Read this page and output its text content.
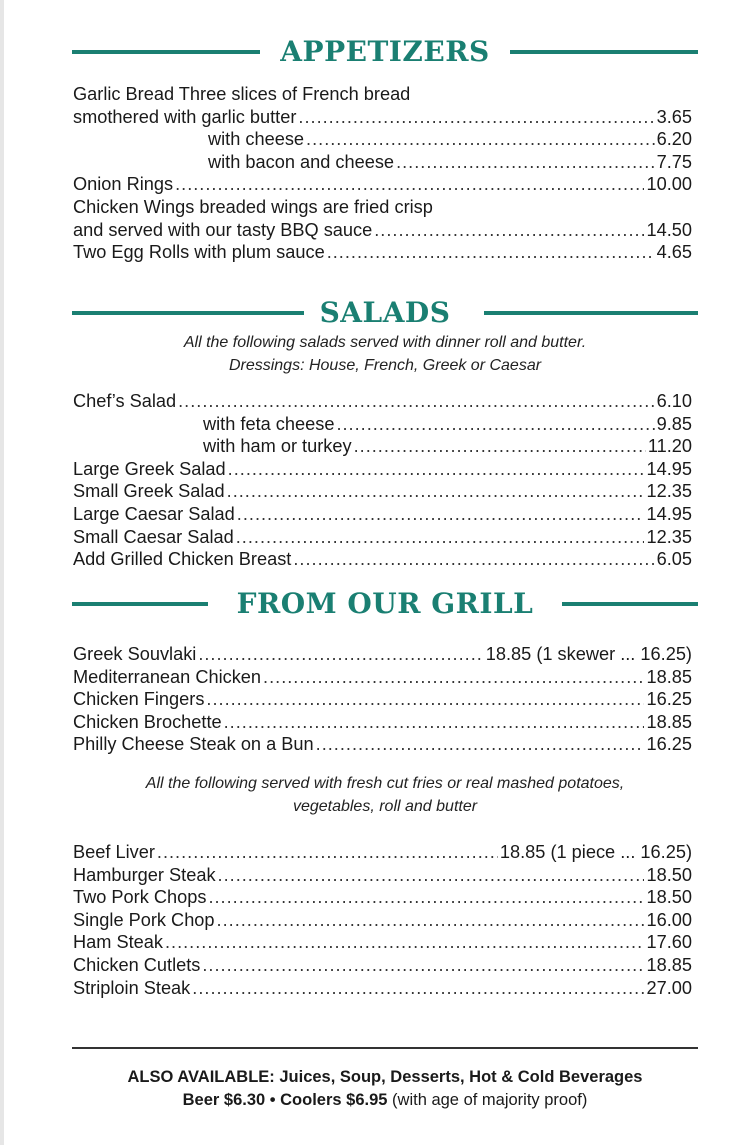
APPETIZERS
Garlic Bread Three slices of French bread
smothered with garlic butter .....	3.65
with cheese .....	6.20
with bacon and cheese .....	7.75
Onion Rings .....	10.00
Chicken Wings breaded wings are fried crisp
and served with our tasty BBQ sauce .....	14.50
Two Egg Rolls with plum sauce .....	4.65
SALADS
All the following salads served with dinner roll and butter.
Dressings: House, French, Greek or Caesar
Chef’s Salad .....	6.10
with feta cheese .....	9.85
with ham or turkey .....	11.20
Large Greek Salad .....	14.95
Small Greek Salad .....	12.35
Large Caesar Salad .....	14.95
Small Caesar Salad .....	12.35
Add Grilled Chicken Breast .....	6.05
FROM OUR GRILL
Greek Souvlaki .....	18.85 (1 skewer ... 16.25)
Mediterranean Chicken .....	18.85
Chicken Fingers .....	16.25
Chicken Brochette .....	18.85
Philly Cheese Steak on a Bun .....	16.25
All the following served with fresh cut fries or real mashed potatoes,
vegetables, roll and butter
Beef Liver .....	18.85 (1 piece ... 16.25)
Hamburger Steak .....	18.50
Two Pork Chops .....	18.50
Single Pork Chop .....	16.00
Ham Steak .....	17.60
Chicken Cutlets .....	18.85
Striploin Steak .....	27.00
ALSO AVAILABLE: Juices, Soup, Desserts, Hot & Cold Beverages
Beer $6.30 • Coolers $6.95 (with age of majority proof)
